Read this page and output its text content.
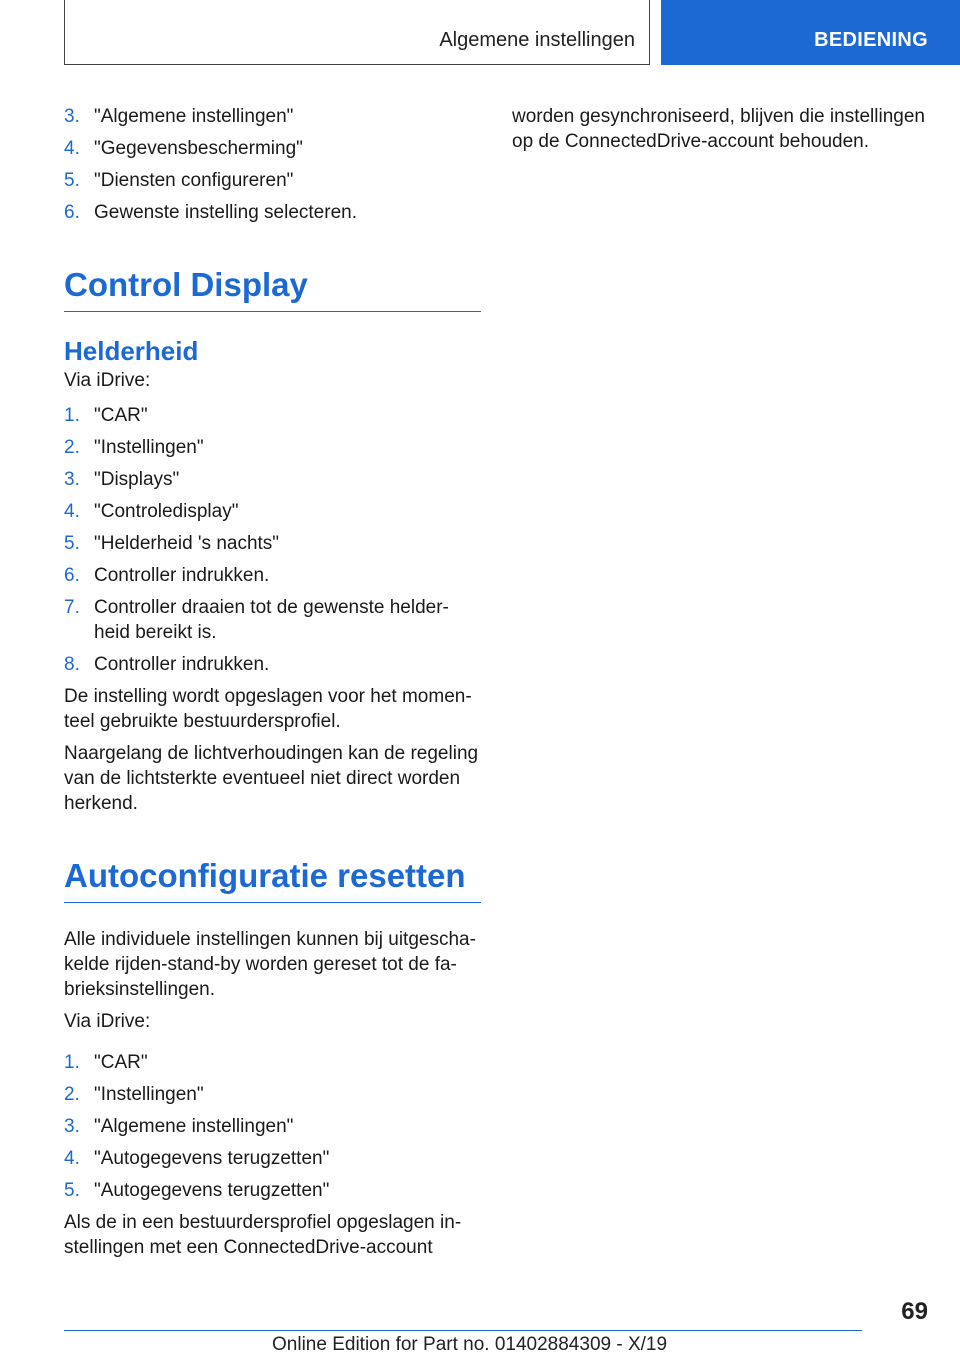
Algemene instellingen	BEDIENING
3. "Algemene instellingen"
4. "Gegevensbescherming"
5. "Diensten configureren"
6. Gewenste instelling selecteren.
Control Display
Helderheid

Via iDrive:

1. "CAR"
2. "Instellingen"
3. "Displays"
4. "Controledisplay"
5. "Helderheid 's nachts"
6. Controller indrukken.
7. Controller draaien tot de gewenste helder-heid bereikt is.
8. Controller indrukken.

De instelling wordt opgeslagen voor het momen-teel gebruikte bestuurdersprofiel.

Naargelang de lichtverhoudingen kan de regeling van de lichtsterkte eventueel niet direct worden herkend.

Autoconfiguratie resetten

Alle individuele instellingen kunnen bij uitgescha-kelde rijden-stand-by worden gereset tot de fa-brieksinstellingen.

Via iDrive:

1. "CAR"
2. "Instellingen"
3. "Algemene instellingen"
4. "Autogegevens terugzetten"
5. "Autogegevens terugzetten"

Als de in een bestuurdersprofiel opgeslagen in-stellingen met een ConnectedDrive-account

worden gesynchroniseerd, blijven die instellingen op de ConnectedDrive-account behouden.

69
Online Edition for Part no. 01402884309 - X/19
